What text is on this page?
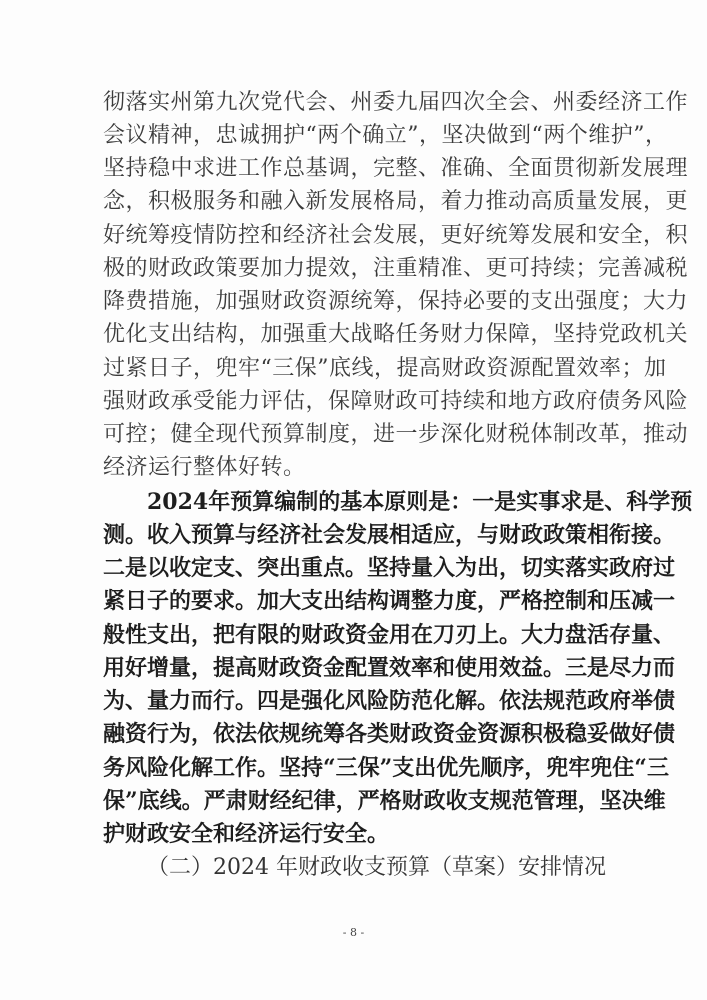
彻落实州第九次党代会、州委九届四次全会、州委经济工作
会议精神，忠诚拥护“两个确立”，坚决做到“两个维护”，
坚持稳中求进工作总基调，完整、准确、全面贯彻新发展理
念，积极服务和融入新发展格局，着力推动高质量发展，更
好统筹疫情防控和经济社会发展，更好统筹发展和安全，积
极的财政政策要加力提效，注重精准、更可持续；完善减税
降费措施，加强财政资源统筹，保持必要的支出强度；大力
优化支出结构，加强重大战略任务财力保障，坚持党政机关
过紧日子，兜牢“三保”底线，提高财政资源配置效率；加
强财政承受能力评估，保障财政可持续和地方政府债务风险
可控；健全现代预算制度，进一步深化财税体制改革，推动
经济运行整体好转。
2024年预算编制的基本原则是：一是实事求是、科学预
测。收入预算与经济社会发展相适应，与财政政策相衔接。
二是以收定支、突出重点。坚持量入为出，切实落实政府过
紧日子的要求。加大支出结构调整力度，严格控制和压减一
般性支出，把有限的财政资金用在刀刃上。大力盘活存量、
用好增量，提高财政资金配置效率和使用效益。三是尽力而
为、量力而行。四是强化风险防范化解。依法规范政府举债
融资行为，依法依规统筹各类财政资金资源积极稳妥做好债
务风险化解工作。坚持“三保”支出优先顺序，兜牢兜住“三
保”底线。严肃财经纪律，严格财政收支规范管理，坚决维
护财政安全和经济运行安全。
（二）2024 年财政收支预算（草案）安排情况
- 8 -
